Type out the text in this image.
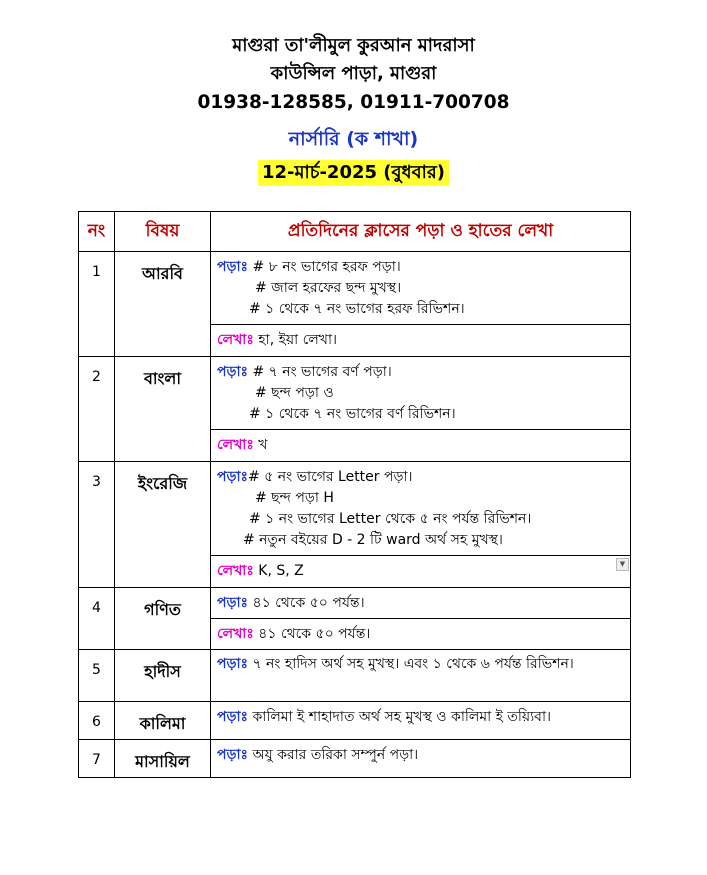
মাগুরা তা'লীমুল কুরআন মাদরাসা
কাউন্সিল পাড়া, মাগুরা
01938-128585, 01911-700708
নার্সারি (ক শাখা)
12-মার্চ-2025 (বুধবার)
নং	বিষয়	প্রতিদিনের ক্লাসের পড়া ও হাতের লেখা
1	আরবি	পড়াঃ # ৮ নং ভাগের হরফ পড়া।
# জাল হরফের ছন্দ মুখস্থ।
# ১ থেকে ৭ নং ভাগের হরফ রিভিশন।

		লেখাঃ হা, ইয়া লেখা।
2	বাংলা	পড়াঃ # ৭ নং ভাগের বর্ণ পড়া।
# ছন্দ পড়া ও
# ১ থেকে ৭ নং ভাগের বর্ণ রিভিশন।

		লেখাঃ খ
3	ইংরেজি	পড়াঃ# ৫ নং ভাগের Letter পড়া।
# ছন্দ পড়া H
# ১ নং ভাগের Letter থেকে ৫ নং পর্যন্ত রিভিশন।
# নতুন বইয়ের D - 2 টি ward অর্থ সহ মুখস্থ।

		লেখাঃ K, S, Z ▼

4	গণিত	পড়াঃ ৪১ থেকে ৫০ পর্যন্ত।
		লেখাঃ ৪১ থেকে ৫০ পর্যন্ত।
5	হাদীস	পড়াঃ ৭ নং হাদিস অর্থ সহ মুখস্থ। এবং ১ থেকে ৬ পর্যন্ত রিভিশন।
6	কালিমা	পড়াঃ কালিমা ই শাহাদাত অর্থ সহ মুখস্থ ও কালিমা ই তয়্যিবা।
7	মাসায়িল	পড়াঃ অযু করার তরিকা সম্পুর্ন পড়া।
